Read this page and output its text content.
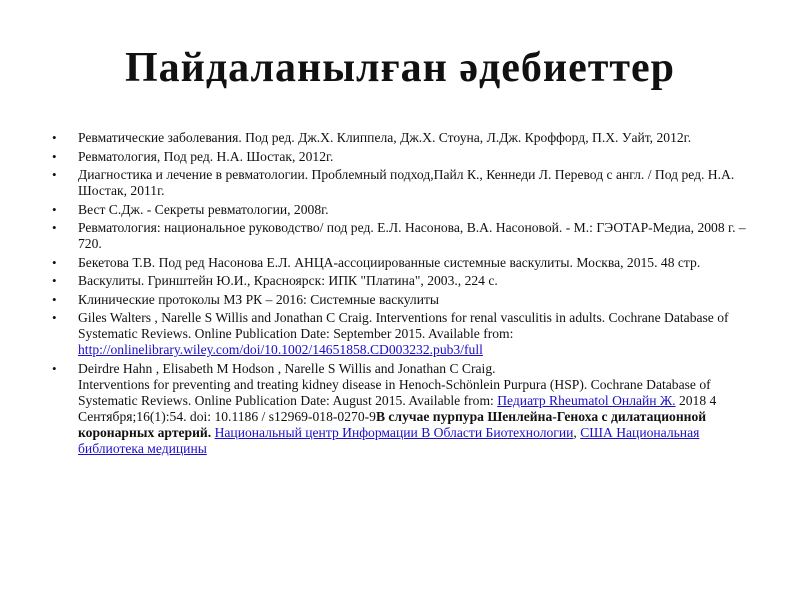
Пайдаланылған әдебиеттер
• Ревматические заболевания. Под ред. Дж.Х. Клиппела, Дж.Х. Стоуна, Л.Дж. Кроффорд, П.Х. Уайт, 2012г.
• Ревматология, Под ред. Н.А. Шостак, 2012г.
• Диагностика и лечение в ревматологии. Проблемный подход,Пайл К., Кеннеди Л. Перевод с англ. / Под ред. Н.А. Шостак, 2011г.
• Вест С.Дж. - Секреты ревматологии, 2008г.
• Ревматология: национальное руководство/ под ред. Е.Л. Насонова, В.А. Насоновой. - М.: ГЭОТАР-Медиа, 2008 г. – 720.
• Бекетова Т.В. Под ред Насонова Е.Л. АНЦА-ассоциированные системные васкулиты. Москва, 2015. 48 стр.
• Васкулиты. Гринштейн Ю.И., Красноярск: ИПК "Платина", 2003., 224 с.
• Клинические протоколы МЗ РК – 2016: Системные васкулиты
• Giles Walters , Narelle S Willis and Jonathan C Craig. Interventions for renal vasculitis in adults. Cochrane Database of Systematic Reviews. Online Publication Date: September 2015. Available from: http://onlinelibrary.wiley.com/doi/10.1002/14651858.CD003232.pub3/full
• Deirdre Hahn , Elisabeth M Hodson , Narelle S Willis and Jonathan C Craig.
Interventions for preventing and treating kidney disease in Henoch-Schönlein Purpura (HSP). Cochrane Database of Systematic Reviews. Online Publication Date: August 2015. Available from: Педиатр Rheumatol Онлайн Ж. 2018 4 Сентября;16(1):54. doi: 10.1186 / s12969-018-0270-9В случае пурпура Шенлейна-Геноха с дилатационной коронарных артерий. Национальный центр Информации В Области Биотехнологии, США Национальная библиотека медицины
